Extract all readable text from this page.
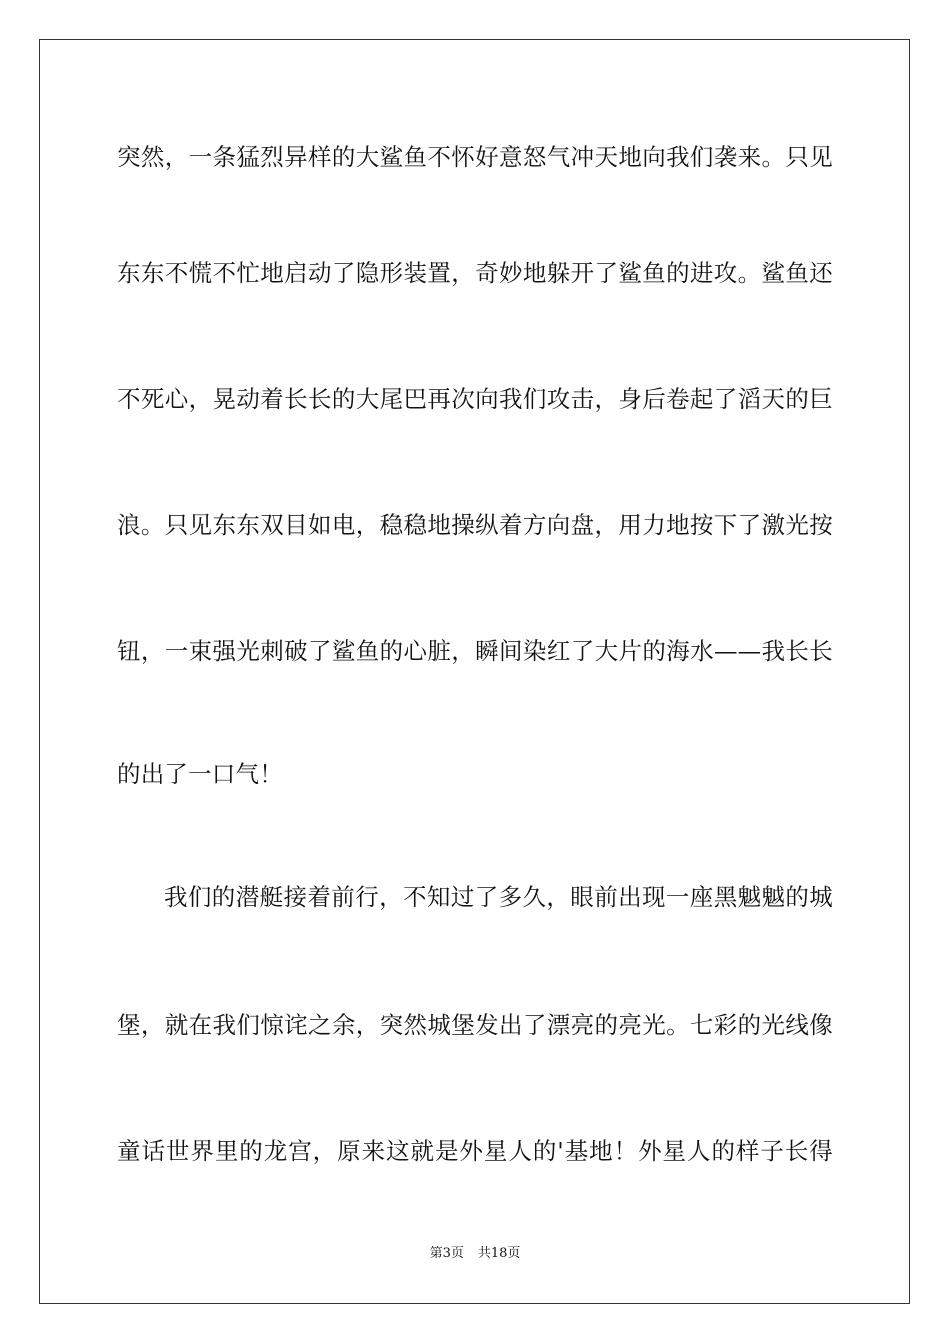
突然，一条猛烈异样的大鲨鱼不怀好意怒气冲天地向我们袭来。只见
东东不慌不忙地启动了隐形装置，奇妙地躲开了鲨鱼的进攻。鲨鱼还
不死心，晃动着长长的大尾巴再次向我们攻击，身后卷起了滔天的巨
浪。只见东东双目如电，稳稳地操纵着方向盘，用力地按下了激光按
钮，一束强光刺破了鲨鱼的心脏，瞬间染红了大片的海水——我长长
的出了一口气！
我们的潜艇接着前行，不知过了多久，眼前出现一座黑魆魆的城
堡，就在我们惊诧之余，突然城堡发出了漂亮的亮光。七彩的光线像
童话世界里的龙宫，原来这就是外星人的'基地！外星人的样子长得
第3页 共18页
